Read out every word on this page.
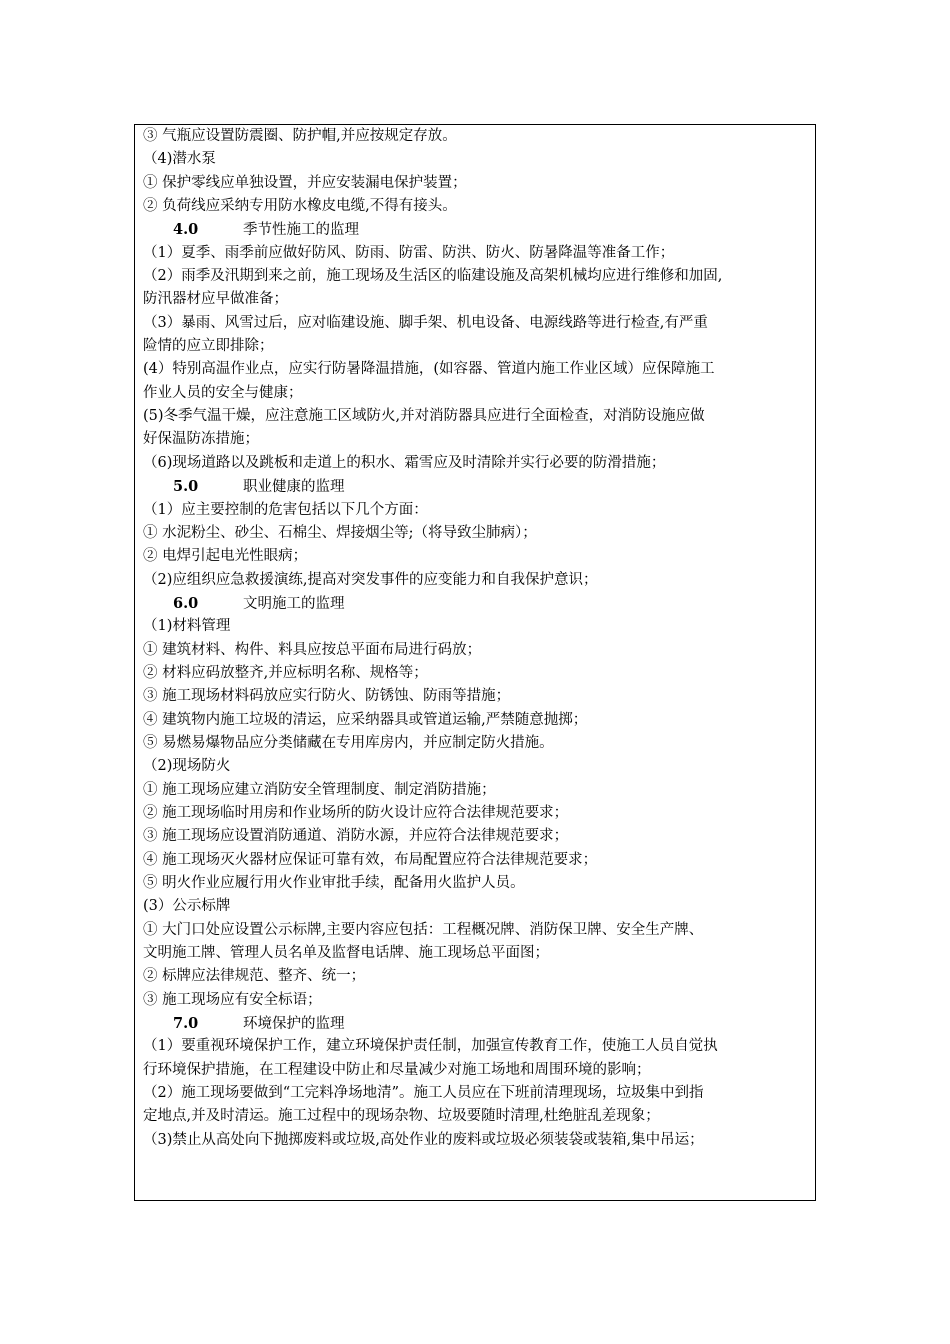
③ 气瓶应设置防震圈、防护帽,并应按规定存放。
（4)潜水泵
① 保护零线应单独设置，并应安装漏电保护装置；
② 负荷线应采纳专用防水橡皮电缆,不得有接头。
4.0	季节性施工的监理
（1）夏季、雨季前应做好防风、防雨、防雷、防洪、防火、防暑降温等准备工作；
（2）雨季及汛期到来之前，施工现场及生活区的临建设施及高架机械均应进行维修和加固,
防汛器材应早做准备；
（3）暴雨、风雪过后，应对临建设施、脚手架、机电设备、电源线路等进行检查,有严重
险情的应立即排除；
(4）特别高温作业点，应实行防暑降温措施，(如容器、管道内施工作业区域）应保障施工
作业人员的安全与健康；
(5)冬季气温干燥，应注意施工区域防火,并对消防器具应进行全面检查，对消防设施应做
好保温防冻措施；
（6)现场道路以及跳板和走道上的积水、霜雪应及时清除并实行必要的防滑措施；
5.0	职业健康的监理
（1）应主要控制的危害包括以下几个方面：
① 水泥粉尘、砂尘、石棉尘、焊接烟尘等;（将导致尘肺病）；
② 电焊引起电光性眼病；
（2)应组织应急救援演练,提高对突发事件的应变能力和自我保护意识；
6.0	文明施工的监理
（1)材料管理
① 建筑材料、构件、料具应按总平面布局进行码放；
② 材料应码放整齐,并应标明名称、规格等；
③ 施工现场材料码放应实行防火、防锈蚀、防雨等措施；
④ 建筑物内施工垃圾的清运，应采纳器具或管道运输,严禁随意抛掷；
⑤ 易燃易爆物品应分类储藏在专用库房内，并应制定防火措施。
（2)现场防火
① 施工现场应建立消防安全管理制度、制定消防措施；
② 施工现场临时用房和作业场所的防火设计应符合法律规范要求；
③ 施工现场应设置消防通道、消防水源，并应符合法律规范要求；
④ 施工现场灭火器材应保证可靠有效，布局配置应符合法律规范要求；
⑤ 明火作业应履行用火作业审批手续，配备用火监护人员。
(3）公示标牌
① 大门口处应设置公示标牌,主要内容应包括：工程概况牌、消防保卫牌、安全生产牌、
文明施工牌、管理人员名单及监督电话牌、施工现场总平面图；
② 标牌应法律规范、整齐、统一；
③ 施工现场应有安全标语；
7.0	环境保护的监理
（1）要重视环境保护工作，建立环境保护责任制，加强宣传教育工作，使施工人员自觉执
行环境保护措施，在工程建设中防止和尽量减少对施工场地和周围环境的影响；
（2）施工现场要做到“工完料净场地清”。施工人员应在下班前清理现场，垃圾集中到指
定地点,并及时清运。施工过程中的现场杂物、垃圾要随时清理,杜绝脏乱差现象；
（3)禁止从高处向下抛掷废料或垃圾,高处作业的废料或垃圾必须装袋或装箱,集中吊运；
